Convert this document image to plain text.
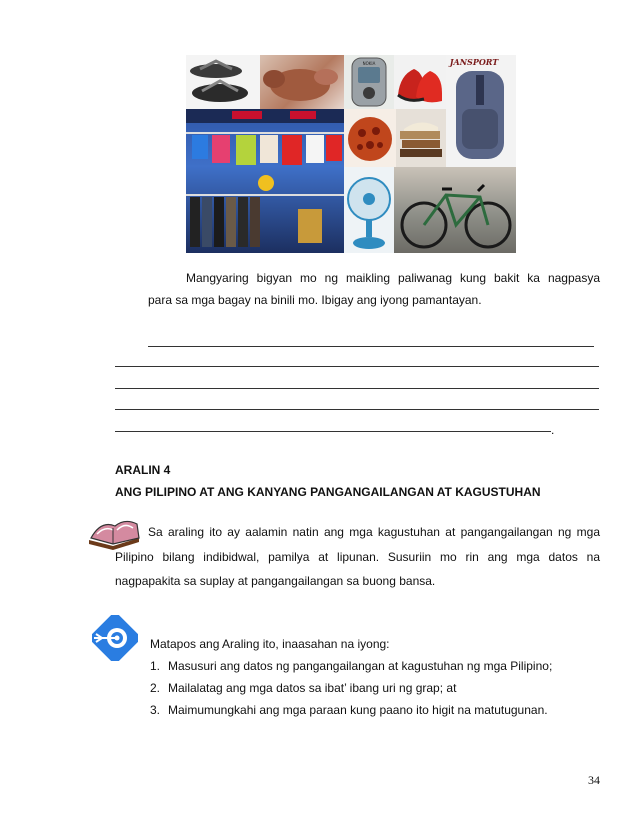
NOKIA	JANSPORT
Mangyaring bigyan mo ng maikling paliwanag kung bakit ka nagpasya
para sa mga bagay na binili mo. Ibigay ang iyong pamantayan.
.
ARALIN 4
ANG PILIPINO AT ANG KANYANG PANGANGAILANGAN AT KAGUSTUHAN
Sa araling ito ay aalamin natin ang mga kagustuhan at pangangailangan ng mga
Pilipino bilang indibidwal, pamilya at lipunan. Susuriin mo rin ang mga datos na
nagpapakita sa suplay at pangangailangan sa buong bansa.
Matapos ang Araling ito, inaasahan na iyong:
1. Masusuri ang datos ng pangangailangan at kagustuhan ng mga Pilipino;
2. Mailalatag ang mga datos sa ibat’ ibang uri ng grap; at
3. Maimumungkahi ang mga paraan kung paano ito higit na matutugunan.
34
